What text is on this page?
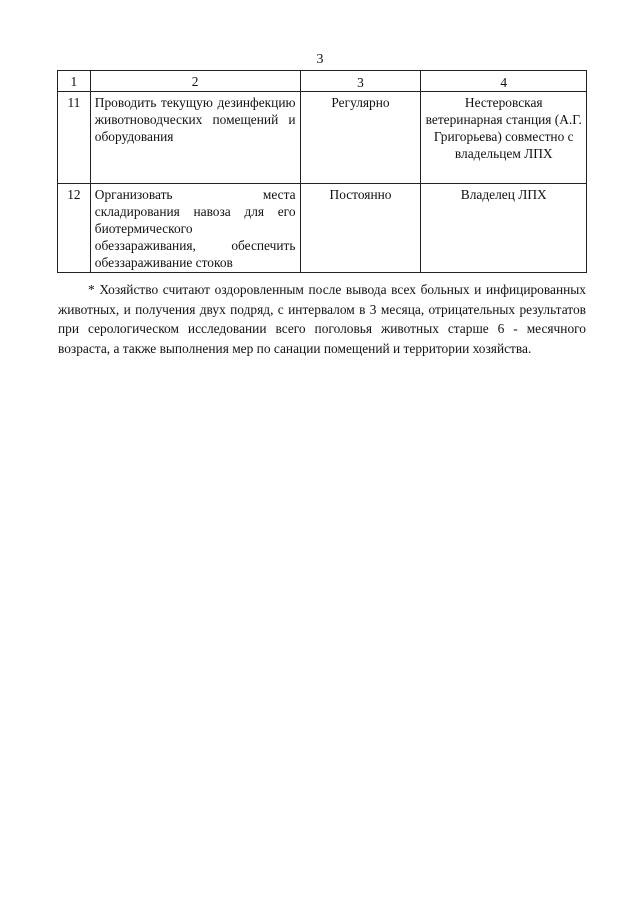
3
1	2	3	4
11	Проводить текущую дезинфекцию животноводческих помещений и оборудования	Регулярно	Нестеровская ветеринарная станция (А.Г. Григорьева) совместно с владельцем ЛПХ
12	Организовать места складирования навоза для его биотермического обеззараживания, обеспечить обеззараживание стоков	Постоянно	Владелец ЛПХ

* Хозяйство считают оздоровленным после вывода всех больных и инфицированных животных, и получения двух подряд, с интервалом в 3 месяца, отрицательных результатов при серологическом исследовании всего поголовья животных старше 6 - месячного возраста, а также выполнения мер по санации помещений и территории хозяйства.
